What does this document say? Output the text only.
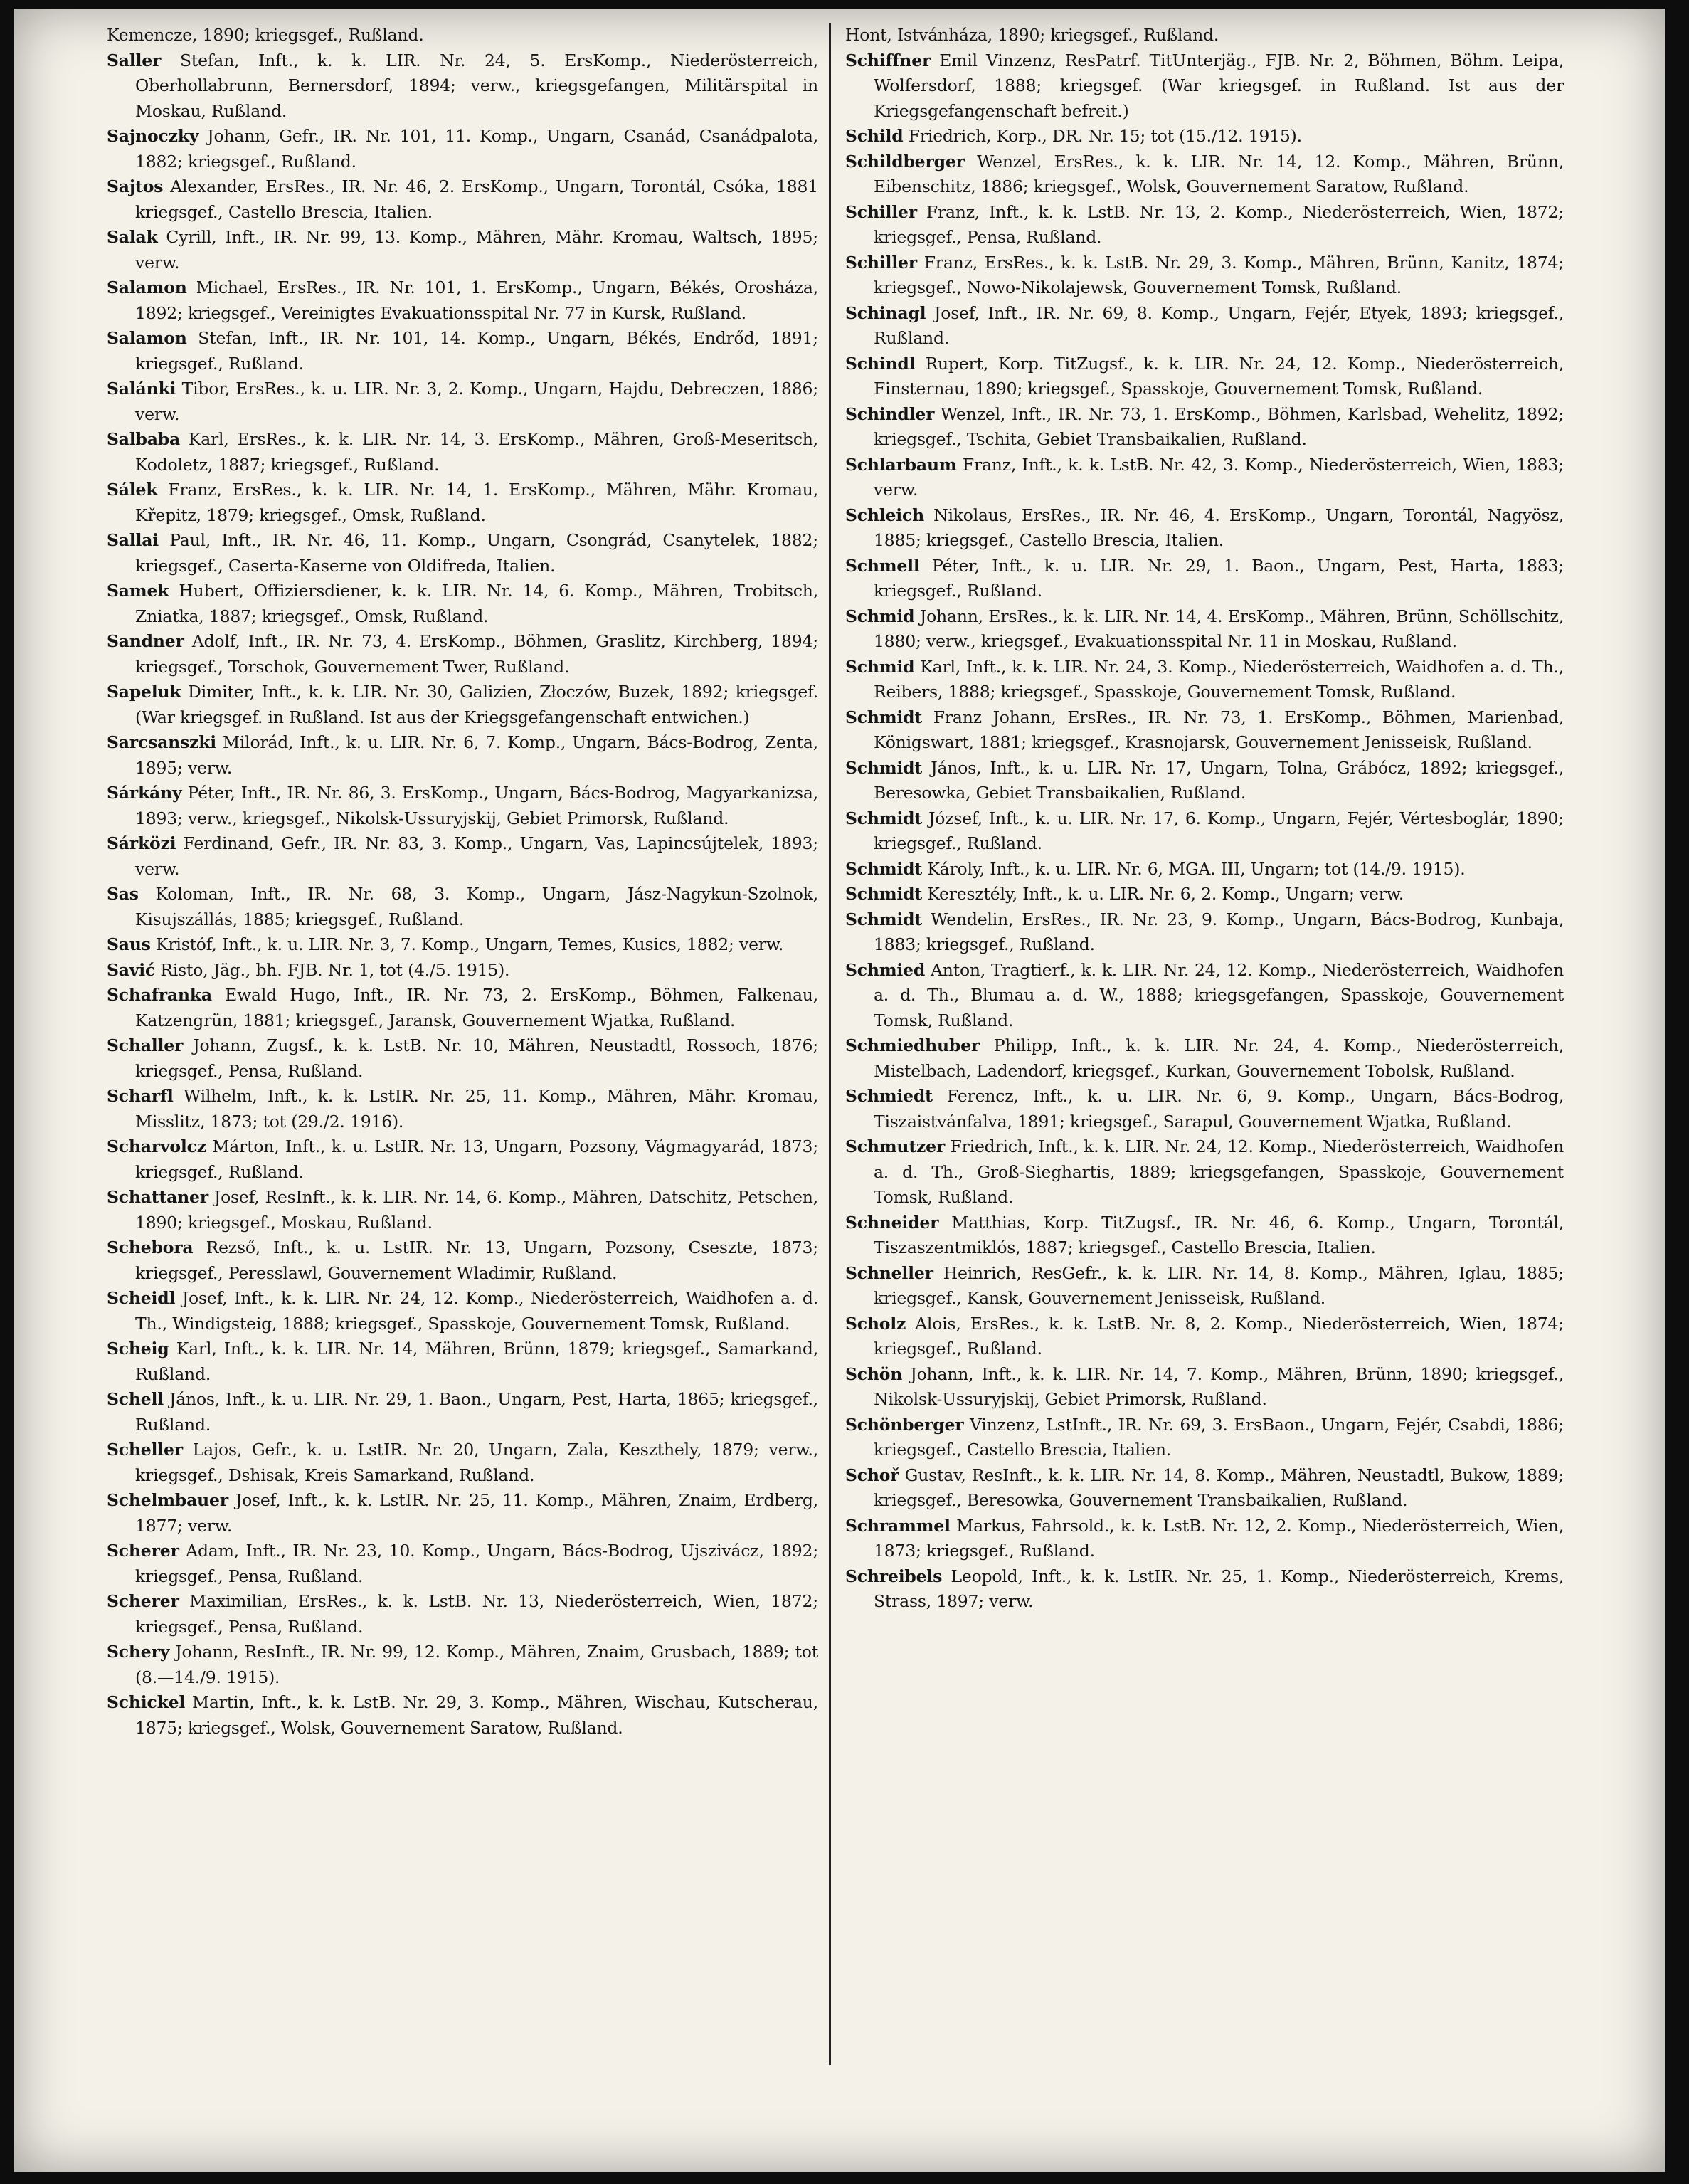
Kemencze, 1890; kriegsgef., Rußland.

Saller Stefan, Inft., k. k. LIR. Nr. 24, 5. ErsKomp., Niederösterreich, Oberhollabrunn, Bernersdorf, 1894; verw., kriegsgefangen, Militärspital in Moskau, Rußland.

Sajnoczky Johann, Gefr., IR. Nr. 101, 11. Komp., Ungarn, Csanád, Csanádpalota, 1882; kriegsgef., Rußland.

Sajtos Alexander, ErsRes., IR. Nr. 46, 2. ErsKomp., Ungarn, Torontál, Csóka, 1881 kriegsgef., Castello Brescia, Italien.

Salak Cyrill, Inft., IR. Nr. 99, 13. Komp., Mähren, Mähr. Kromau, Waltsch, 1895; verw.

Salamon Michael, ErsRes., IR. Nr. 101, 1. ErsKomp., Ungarn, Békés, Orosháza, 1892; kriegsgef., Vereinigtes Evakuationsspital Nr. 77 in Kursk, Rußland.

Salamon Stefan, Inft., IR. Nr. 101, 14. Komp., Ungarn, Békés, Endrőd, 1891; kriegsgef., Rußland.

Salánki Tibor, ErsRes., k. u. LIR. Nr. 3, 2. Komp., Ungarn, Hajdu, Debreczen, 1886; verw.

Salbaba Karl, ErsRes., k. k. LIR. Nr. 14, 3. ErsKomp., Mähren, Groß-Meseritsch, Kodoletz, 1887; kriegsgef., Rußland.

Sálek Franz, ErsRes., k. k. LIR. Nr. 14, 1. ErsKomp., Mähren, Mähr. Kromau, Křepitz, 1879; kriegsgef., Omsk, Rußland.

Sallai Paul, Inft., IR. Nr. 46, 11. Komp., Ungarn, Csongrád, Csanytelek, 1882; kriegsgef., Caserta-Kaserne von Oldifreda, Italien.

Samek Hubert, Offiziersdiener, k. k. LIR. Nr. 14, 6. Komp., Mähren, Trobitsch, Zniatka, 1887; kriegsgef., Omsk, Rußland.

Sandner Adolf, Inft., IR. Nr. 73, 4. ErsKomp., Böhmen, Graslitz, Kirchberg, 1894; kriegsgef., Torschok, Gouvernement Twer, Rußland.

Sapeluk Dimiter, Inft., k. k. LIR. Nr. 30, Galizien, Złoczów, Buzek, 1892; kriegsgef. (War kriegsgef. in Rußland. Ist aus der Kriegsgefangenschaft entwichen.)

Sarcsanszki Milorád, Inft., k. u. LIR. Nr. 6, 7. Komp., Ungarn, Bács-Bodrog, Zenta, 1895; verw.

Sárkány Péter, Inft., IR. Nr. 86, 3. ErsKomp., Ungarn, Bács-Bodrog, Magyarkanizsa, 1893; verw., kriegsgef., Nikolsk-Ussuryjskij, Gebiet Primorsk, Rußland.

Sárközi Ferdinand, Gefr., IR. Nr. 83, 3. Komp., Ungarn, Vas, Lapincsújtelek, 1893; verw.

Sas Koloman, Inft., IR. Nr. 68, 3. Komp., Ungarn, Jász-Nagykun-Szolnok, Kisujszállás, 1885; kriegsgef., Rußland.

Saus Kristóf, Inft., k. u. LIR. Nr. 3, 7. Komp., Ungarn, Temes, Kusics, 1882; verw.

Savić Risto, Jäg., bh. FJB. Nr. 1, tot (4./5. 1915).

Schafranka Ewald Hugo, Inft., IR. Nr. 73, 2. ErsKomp., Böhmen, Falkenau, Katzengrün, 1881; kriegsgef., Jaransk, Gouvernement Wjatka, Rußland.

Schaller Johann, Zugsf., k. k. LstB. Nr. 10, Mähren, Neustadtl, Rossoch, 1876; kriegsgef., Pensa, Rußland.

Scharfl Wilhelm, Inft., k. k. LstIR. Nr. 25, 11. Komp., Mähren, Mähr. Kromau, Misslitz, 1873; tot (29./2. 1916).

Scharvolcz Márton, Inft., k. u. LstIR. Nr. 13, Ungarn, Pozsony, Vágmagyarád, 1873; kriegsgef., Rußland.

Schattaner Josef, ResInft., k. k. LIR. Nr. 14, 6. Komp., Mähren, Datschitz, Petschen, 1890; kriegsgef., Moskau, Rußland.

Schebora Rezső, Inft., k. u. LstIR. Nr. 13, Ungarn, Pozsony, Cseszte, 1873; kriegsgef., Peresslawl, Gouvernement Wladimir, Rußland.

Scheidl Josef, Inft., k. k. LIR. Nr. 24, 12. Komp., Niederösterreich, Waidhofen a. d. Th., Windigsteig, 1888; kriegsgef., Spasskoje, Gouvernement Tomsk, Rußland.

Scheig Karl, Inft., k. k. LIR. Nr. 14, Mähren, Brünn, 1879; kriegsgef., Samarkand, Rußland.

Schell János, Inft., k. u. LIR. Nr. 29, 1. Baon., Ungarn, Pest, Harta, 1865; kriegsgef., Rußland.

Scheller Lajos, Gefr., k. u. LstIR. Nr. 20, Ungarn, Zala, Keszthely, 1879; verw., kriegsgef., Dshisak, Kreis Samarkand, Rußland.

Schelmbauer Josef, Inft., k. k. LstIR. Nr. 25, 11. Komp., Mähren, Znaim, Erdberg, 1877; verw.

Scherer Adam, Inft., IR. Nr. 23, 10. Komp., Ungarn, Bács-Bodrog, Ujszivácz, 1892; kriegsgef., Pensa, Rußland.

Scherer Maximilian, ErsRes., k. k. LstB. Nr. 13, Niederösterreich, Wien, 1872; kriegsgef., Pensa, Rußland.

Schery Johann, ResInft., IR. Nr. 99, 12. Komp., Mähren, Znaim, Grusbach, 1889; tot (8.—14./9. 1915).

Schickel Martin, Inft., k. k. LstB. Nr. 29, 3. Komp., Mähren, Wischau, Kutscherau, 1875; kriegsgef., Wolsk, Gouvernement Saratow, Rußland.

Hont, Istvánháza, 1890; kriegsgef., Rußland.

Schiffner Emil Vinzenz, ResPatrf. TitUnterjäg., FJB. Nr. 2, Böhmen, Böhm. Leipa, Wolfersdorf, 1888; kriegsgef. (War kriegsgef. in Rußland. Ist aus der Kriegsgefangenschaft befreit.)

Schild Friedrich, Korp., DR. Nr. 15; tot (15./12. 1915).

Schildberger Wenzel, ErsRes., k. k. LIR. Nr. 14, 12. Komp., Mähren, Brünn, Eibenschitz, 1886; kriegsgef., Wolsk, Gouvernement Saratow, Rußland.

Schiller Franz, Inft., k. k. LstB. Nr. 13, 2. Komp., Niederösterreich, Wien, 1872; kriegsgef., Pensa, Rußland.

Schiller Franz, ErsRes., k. k. LstB. Nr. 29, 3. Komp., Mähren, Brünn, Kanitz, 1874; kriegsgef., Nowo-Nikolajewsk, Gouvernement Tomsk, Rußland.

Schinagl Josef, Inft., IR. Nr. 69, 8. Komp., Ungarn, Fejér, Etyek, 1893; kriegsgef., Rußland.

Schindl Rupert, Korp. TitZugsf., k. k. LIR. Nr. 24, 12. Komp., Niederösterreich, Finsternau, 1890; kriegsgef., Spasskoje, Gouvernement Tomsk, Rußland.

Schindler Wenzel, Inft., IR. Nr. 73, 1. ErsKomp., Böhmen, Karlsbad, Wehelitz, 1892; kriegsgef., Tschita, Gebiet Transbaikalien, Rußland.

Schlarbaum Franz, Inft., k. k. LstB. Nr. 42, 3. Komp., Niederösterreich, Wien, 1883; verw.

Schleich Nikolaus, ErsRes., IR. Nr. 46, 4. ErsKomp., Ungarn, Torontál, Nagyösz, 1885; kriegsgef., Castello Brescia, Italien.

Schmell Péter, Inft., k. u. LIR. Nr. 29, 1. Baon., Ungarn, Pest, Harta, 1883; kriegsgef., Rußland.

Schmid Johann, ErsRes., k. k. LIR. Nr. 14, 4. ErsKomp., Mähren, Brünn, Schöllschitz, 1880; verw., kriegsgef., Evakuationsspital Nr. 11 in Moskau, Rußland.

Schmid Karl, Inft., k. k. LIR. Nr. 24, 3. Komp., Niederösterreich, Waidhofen a. d. Th., Reibers, 1888; kriegsgef., Spasskoje, Gouvernement Tomsk, Rußland.

Schmidt Franz Johann, ErsRes., IR. Nr. 73, 1. ErsKomp., Böhmen, Marienbad, Königswart, 1881; kriegsgef., Krasnojarsk, Gouvernement Jenisseisk, Rußland.

Schmidt János, Inft., k. u. LIR. Nr. 17, Ungarn, Tolna, Grábócz, 1892; kriegsgef., Beresowka, Gebiet Transbaikalien, Rußland.

Schmidt József, Inft., k. u. LIR. Nr. 17, 6. Komp., Ungarn, Fejér, Vértesboglár, 1890; kriegsgef., Rußland.

Schmidt Károly, Inft., k. u. LIR. Nr. 6, MGA. III, Ungarn; tot (14./9. 1915).

Schmidt Keresztély, Inft., k. u. LIR. Nr. 6, 2. Komp., Ungarn; verw.

Schmidt Wendelin, ErsRes., IR. Nr. 23, 9. Komp., Ungarn, Bács-Bodrog, Kunbaja, 1883; kriegsgef., Rußland.

Schmied Anton, Tragtierf., k. k. LIR. Nr. 24, 12. Komp., Niederösterreich, Waidhofen a. d. Th., Blumau a. d. W., 1888; kriegsgefangen, Spasskoje, Gouvernement Tomsk, Rußland.

Schmiedhuber Philipp, Inft., k. k. LIR. Nr. 24, 4. Komp., Niederösterreich, Mistelbach, Ladendorf, kriegsgef., Kurkan, Gouvernement Tobolsk, Rußland.

Schmiedt Ferencz, Inft., k. u. LIR. Nr. 6, 9. Komp., Ungarn, Bács-Bodrog, Tiszaistvánfalva, 1891; kriegsgef., Sarapul, Gouvernement Wjatka, Rußland.

Schmutzer Friedrich, Inft., k. k. LIR. Nr. 24, 12. Komp., Niederösterreich, Waidhofen a. d. Th., Groß-Sieghartis, 1889; kriegsgefangen, Spasskoje, Gouvernement Tomsk, Rußland.

Schneider Matthias, Korp. TitZugsf., IR. Nr. 46, 6. Komp., Ungarn, Torontál, Tiszaszentmiklós, 1887; kriegsgef., Castello Brescia, Italien.

Schneller Heinrich, ResGefr., k. k. LIR. Nr. 14, 8. Komp., Mähren, Iglau, 1885; kriegsgef., Kansk, Gouvernement Jenisseisk, Rußland.

Scholz Alois, ErsRes., k. k. LstB. Nr. 8, 2. Komp., Niederösterreich, Wien, 1874; kriegsgef., Rußland.

Schön Johann, Inft., k. k. LIR. Nr. 14, 7. Komp., Mähren, Brünn, 1890; kriegsgef., Nikolsk-Ussuryjskij, Gebiet Primorsk, Rußland.

Schönberger Vinzenz, LstInft., IR. Nr. 69, 3. ErsBaon., Ungarn, Fejér, Csabdi, 1886; kriegsgef., Castello Brescia, Italien.

Schoř Gustav, ResInft., k. k. LIR. Nr. 14, 8. Komp., Mähren, Neustadtl, Bukow, 1889; kriegsgef., Beresowka, Gouvernement Transbaikalien, Rußland.

Schrammel Markus, Fahrsold., k. k. LstB. Nr. 12, 2. Komp., Niederösterreich, Wien, 1873; kriegsgef., Rußland.

Schreibels Leopold, Inft., k. k. LstIR. Nr. 25, 1. Komp., Niederösterreich, Krems, Strass, 1897; verw.
